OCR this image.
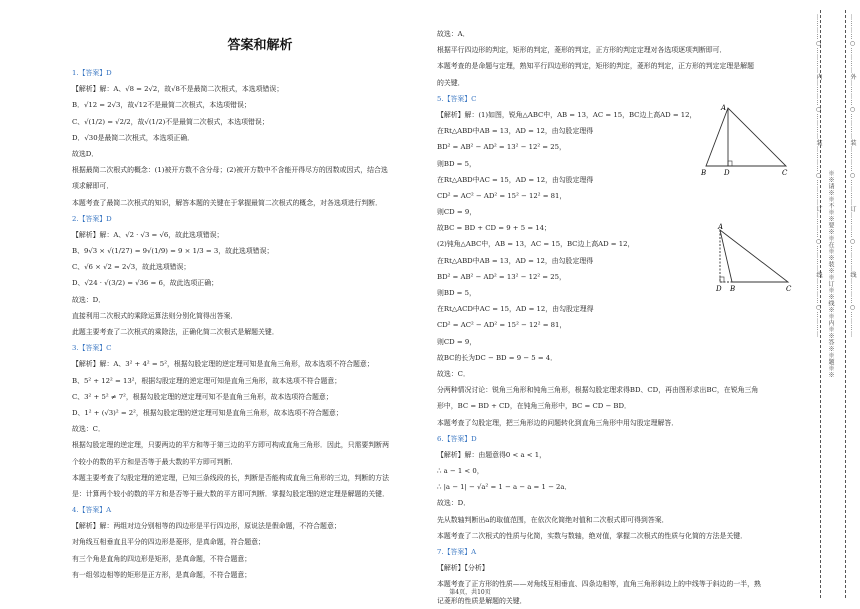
答案和解析
1.【答案】D
【解析】解：A、√8 = 2√2，故√8不是最简二次根式，本选项错误；
B．√12 = 2√3，故√12不是最简二次根式，本选项错误；
C、√(1/2) = √2/2，故√(1/2)不是最简二次根式，本选项错误；
D．√30是最简二次根式，本选项正确．
故选D．
根据最简二次根式的概念：(1)被开方数不含分母；(2)被开方数中不含能开得尽方的因数或因式，结合选
项求解即可．
本题考查了最简二次根式的知识，解答本题的关键在于掌握最简二次根式的概念，对各选项进行判断．
2.【答案】D
【解析】解：A、√2 · √3 = √6，故此选项错误；
B、9√3 × √(1/27) = 9√(1/9) = 9 × 1/3 = 3，故此选项错误；
C、√6 × √2 = 2√3，故此选项错误；
D、√24 · √(3/2) = √36 = 6，故此选项正确；
故选：D．
直接利用二次根式的乘除运算法则分别化简得出答案．
此题主要考查了二次根式的乘除法，正确化简二次根式是解题关键．
3.【答案】C
【解析】解：A、3² + 4² = 5²，根据勾股定理的逆定理可知是直角三角形，故本选项不符合题意；
B、5² + 12² = 13²，根据勾股定理的逆定理可知是直角三角形，故本选项不符合题意；
C、3² + 5² ≠ 7²，根据勾股定理的逆定理可知不是直角三角形，故本选项符合题意；
D、1² + (√3)² = 2²，根据勾股定理的逆定理可知是直角三角形，故本选项不符合题意；
故选：C．
根据勾股定理的逆定理，只要两边的平方和等于第三边的平方即可构成直角三角形．因此，只需要判断两
个较小的数的平方和是否等于最大数的平方即可判断．
本题主要考查了勾股定理的逆定理，已知三条线段的长，判断是否能构成直角三角形的三边，判断的方法
是：计算两个较小的数的平方和是否等于最大数的平方即可判断．掌握勾股定理的逆定理是解题的关键．
4.【答案】A
【解析】解：两组对边分别相等的四边形是平行四边形，原说法是假命题，不符合题意；
对角线互相垂直且平分的四边形是菱形，是真命题，符合题意；
有三个角是直角的四边形是矩形，是真命题，不符合题意；
有一组邻边相等的矩形是正方形，是真命题，不符合题意；
故选：A．
根据平行四边形的判定，矩形的判定，菱形的判定，正方形的判定定理对各选项逐项判断即可．
本题考查的是命题与定理，熟知平行四边形的判定，矩形的判定，菱形的判定，正方形的判定定理是解题
的关键．
5.【答案】C
【解析】解：(1)如图，锐角△ABC中，AB = 13，AC = 15，BC边上高AD = 12，
在Rt△ABD中AB = 13，AD = 12，由勾股定理得
BD² = AB² − AD² = 13² − 12² = 25，
则BD = 5，
在Rt△ABD中AC = 15，AD = 12，由勾股定理得
CD² = AC² − AD² = 15² − 12² = 81，
则CD = 9，
故BC = BD + CD = 9 + 5 = 14；
(2)钝角△ABC中，AB = 13，AC = 15，BC边上高AD = 12，
在Rt△ABD中AB = 13，AD = 12，由勾股定理得
BD² = AB² − AD² = 13² − 12² = 25，
则BD = 5，
在Rt△ACD中AC = 15，AD = 12，由勾股定理得
CD² = AC² − AD² = 15² − 12² = 81，
则CD = 9，
故BC的长为DC − BD = 9 − 5 = 4．
故选：C．
分两种情况讨论：锐角三角形和钝角三角形，根据勾股定理求得BD、CD，再由图形求出BC，在锐角三角
形中，BC = BD + CD，在钝角三角形中，BC = CD − BD．
本题考查了勾股定理，把三角形边的问题转化到直角三角形中用勾股定理解答．
6.【答案】D
【解析】解：由题意得0 < a < 1，
∴ a − 1 < 0，
∴ |a − 1| − √a² = 1 − a − a = 1 − 2a．
故选：D．
先从数轴判断出a的取值范围，在依次化简绝对值和二次根式即可得到答案．
本题考查了二次根式的性质与化简，实数与数轴，绝对值，掌握二次根式的性质与化简的方法是关键．
7.【答案】A
【解析】【分析】
本题考查了正方形的性质——对角线互相垂直、四条边相等，直角三角形斜边上的中线等于斜边的一半，熟
记菱形的性质是解题的关键．
A
B	D	C
A
D B	C
第4页，共10页
…………○…………内…………○…………装…………○…………订…………○…………线…………○………… ※※请※※不※※要※※在※※装※※订※※线※※内※※答※※题※※	…………○…………外…………○…………装…………○…………订…………○…………线…………○…………
